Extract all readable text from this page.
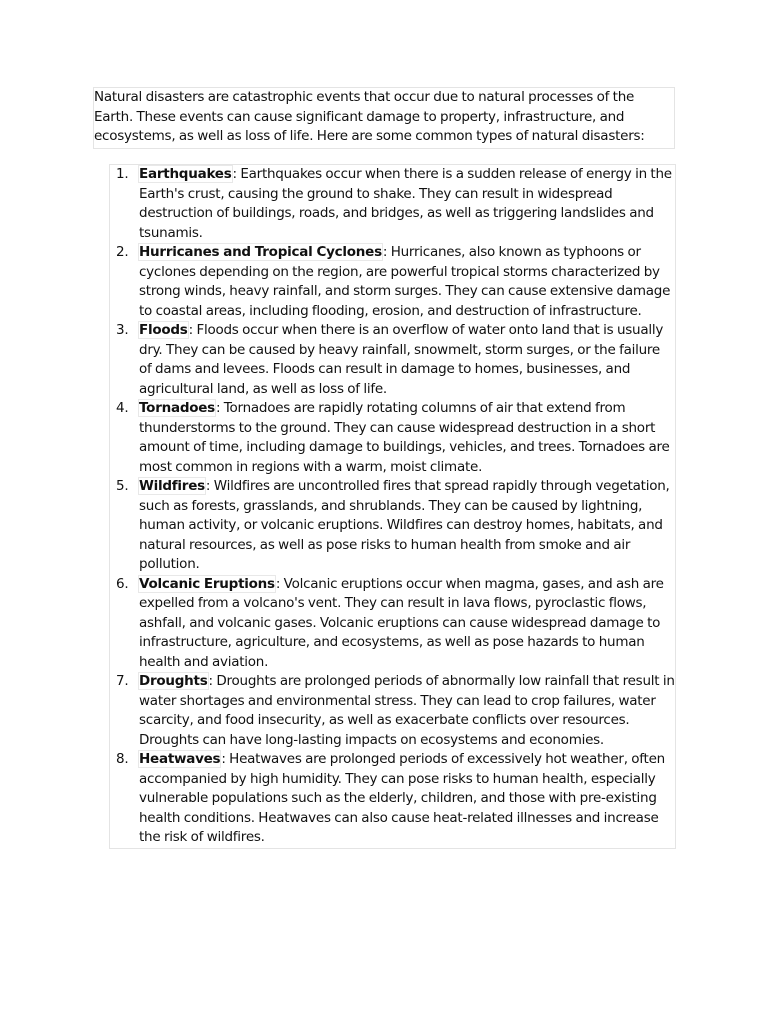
Natural disasters are catastrophic events that occur due to natural processes of the Earth. These events can cause significant damage to property, infrastructure, and ecosystems, as well as loss of life. Here are some common types of natural disasters:

1. Earthquakes: Earthquakes occur when there is a sudden release of energy in the Earth's crust, causing the ground to shake. They can result in widespread destruction of buildings, roads, and bridges, as well as triggering landslides and tsunamis.
2. Hurricanes and Tropical Cyclones: Hurricanes, also known as typhoons or cyclones depending on the region, are powerful tropical storms characterized by strong winds, heavy rainfall, and storm surges. They can cause extensive damage to coastal areas, including flooding, erosion, and destruction of infrastructure.
3. Floods: Floods occur when there is an overflow of water onto land that is usually dry. They can be caused by heavy rainfall, snowmelt, storm surges, or the failure of dams and levees. Floods can result in damage to homes, businesses, and agricultural land, as well as loss of life.
4. Tornadoes: Tornadoes are rapidly rotating columns of air that extend from thunderstorms to the ground. They can cause widespread destruction in a short amount of time, including damage to buildings, vehicles, and trees. Tornadoes are most common in regions with a warm, moist climate.
5. Wildfires: Wildfires are uncontrolled fires that spread rapidly through vegetation, such as forests, grasslands, and shrublands. They can be caused by lightning, human activity, or volcanic eruptions. Wildfires can destroy homes, habitats, and natural resources, as well as pose risks to human health from smoke and air pollution.
6. Volcanic Eruptions: Volcanic eruptions occur when magma, gases, and ash are expelled from a volcano's vent. They can result in lava flows, pyroclastic flows, ashfall, and volcanic gases. Volcanic eruptions can cause widespread damage to infrastructure, agriculture, and ecosystems, as well as pose hazards to human health and aviation.
7. Droughts: Droughts are prolonged periods of abnormally low rainfall that result in water shortages and environmental stress. They can lead to crop failures, water scarcity, and food insecurity, as well as exacerbate conflicts over resources. Droughts can have long-lasting impacts on ecosystems and economies.
8. Heatwaves: Heatwaves are prolonged periods of excessively hot weather, often accompanied by high humidity. They can pose risks to human health, especially vulnerable populations such as the elderly, children, and those with pre-existing health conditions. Heatwaves can also cause heat-related illnesses and increase the risk of wildfires.
